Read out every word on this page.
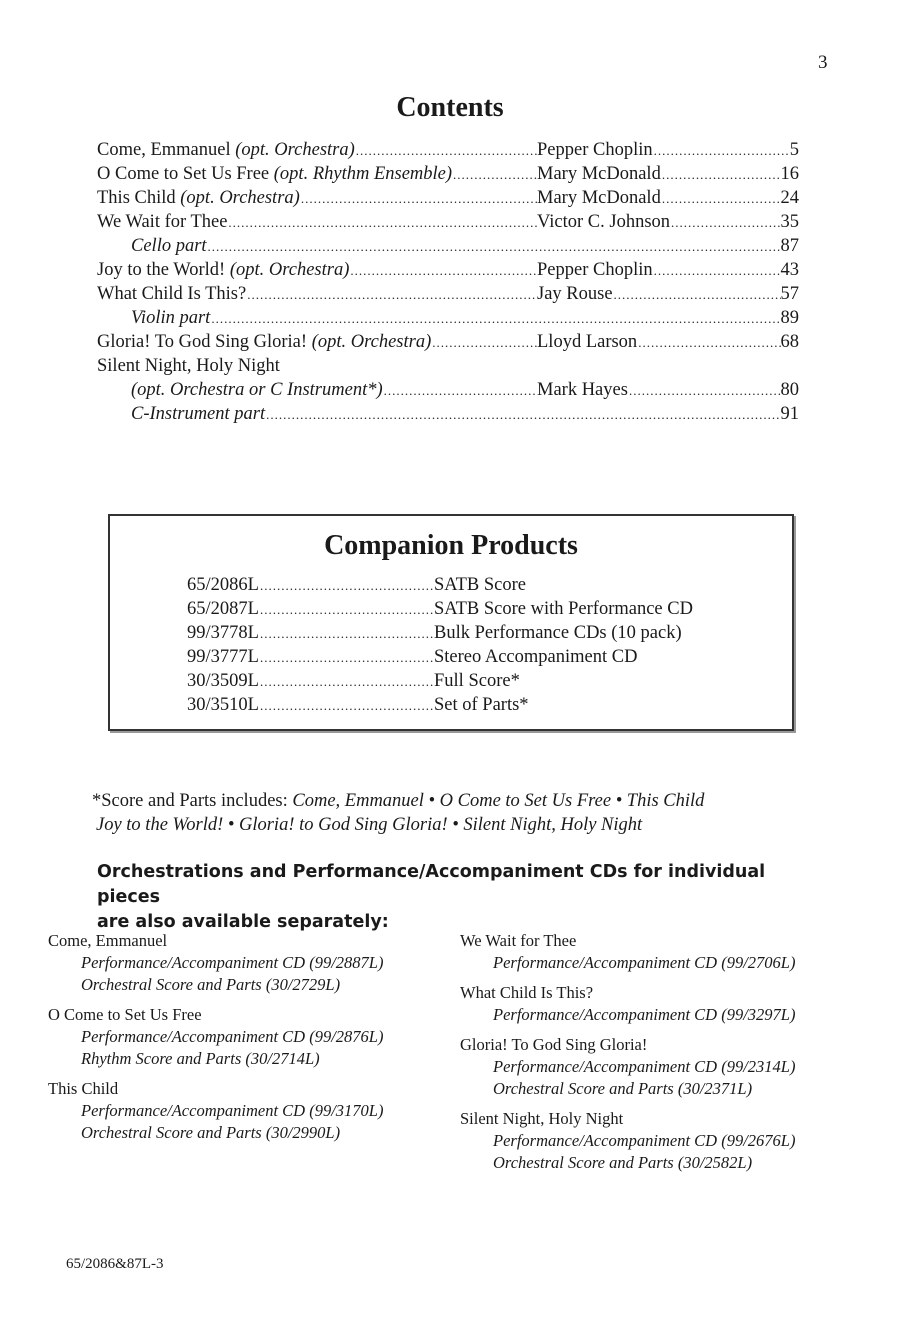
3
Contents
Come, Emmanuel (opt. Orchestra) .....	Pepper Choplin .....	5
O Come to Set Us Free (opt. Rhythm Ensemble) .....	Mary McDonald .....	16
This Child (opt. Orchestra) .....	Mary McDonald .....	24
We Wait for Thee .....	Victor C. Johnson .....	35
Cello part .....	87
Joy to the World! (opt. Orchestra) .....	Pepper Choplin .....	43
What Child Is This? .....	Jay Rouse .....	57
Violin part .....	89
Gloria! To God Sing Gloria! (opt. Orchestra) .....	Lloyd Larson .....	68
Silent Night, Holy Night
(opt. Orchestra or C Instrument*) .....	Mark Hayes .....	80
C-Instrument part .....	91
Companion Products
65/2086L .....	SATB Score
65/2087L .....	SATB Score with Performance CD
99/3778L .....	Bulk Performance CDs (10 pack)
99/3777L .....	Stereo Accompaniment CD
30/3509L .....	Full Score*
30/3510L .....	Set of Parts*
*Score and Parts includes: Come, Emmanuel • O Come to Set Us Free • This Child
Joy to the World! • Gloria! to God Sing Gloria! • Silent Night, Holy Night
Orchestrations and Performance/Accompaniment CDs for individual pieces
are also available separately:
Come, Emmanuel
Performance/Accompaniment CD (99/2887L)
Orchestral Score and Parts (30/2729L)
O Come to Set Us Free
Performance/Accompaniment CD (99/2876L)
Rhythm Score and Parts (30/2714L)
This Child
Performance/Accompaniment CD (99/3170L)
Orchestral Score and Parts (30/2990L)
We Wait for Thee
Performance/Accompaniment CD (99/2706L)
What Child Is This?
Performance/Accompaniment CD (99/3297L)
Gloria! To God Sing Gloria!
Performance/Accompaniment CD (99/2314L)
Orchestral Score and Parts (30/2371L)
Silent Night, Holy Night
Performance/Accompaniment CD (99/2676L)
Orchestral Score and Parts (30/2582L)
65/2086&87L-3
